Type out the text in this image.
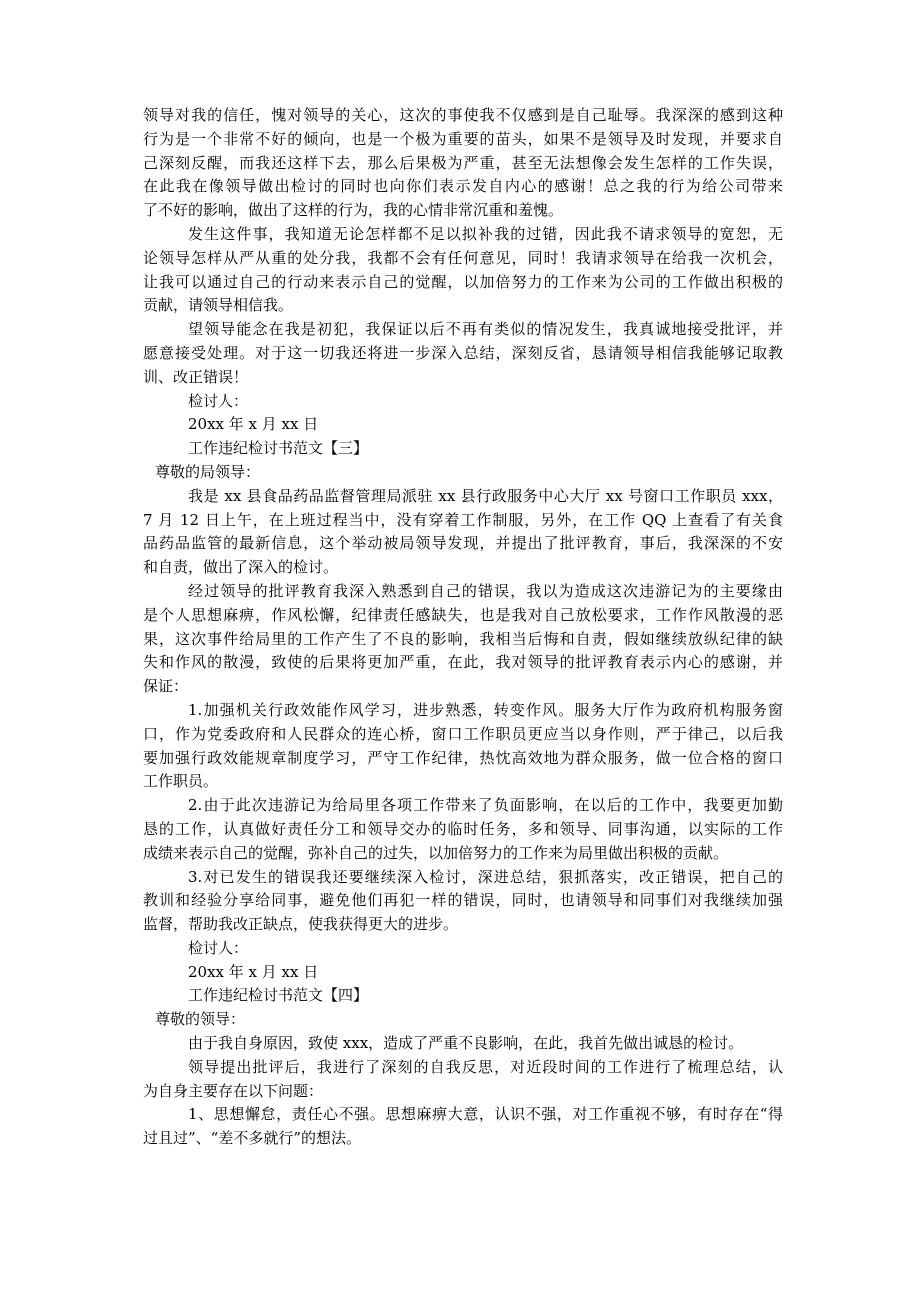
领导对我的信任，愧对领导的关心，这次的事使我不仅感到是自己耻辱。我深深的感到这种
行为是一个非常不好的倾向，也是一个极为重要的苗头，如果不是领导及时发现，并要求自
己深刻反醒，而我还这样下去，那么后果极为严重，甚至无法想像会发生怎样的工作失误，
在此我在像领导做出检讨的同时也向你们表示发自内心的感谢！总之我的行为给公司带来
了不好的影响，做出了这样的行为，我的心情非常沉重和羞愧。
发生这件事，我知道无论怎样都不足以拟补我的过错，因此我不请求领导的宽恕，无
论领导怎样从严从重的处分我，我都不会有任何意见，同时！我请求领导在给我一次机会，
让我可以通过自己的行动来表示自己的觉醒，以加倍努力的工作来为公司的工作做出积极的
贡献，请领导相信我。
望领导能念在我是初犯，我保证以后不再有类似的情况发生，我真诚地接受批评，并
愿意接受处理。对于这一切我还将进一步深入总结，深刻反省，恳请领导相信我能够记取教
训、改正错误！
检讨人：
20xx 年 x 月 xx 日
工作违纪检讨书范文【三】
尊敬的局领导：
我是 xx 县食品药品监督管理局派驻 xx 县行政服务中心大厅 xx 号窗口工作职员 xxx，
7 月 12 日上午，在上班过程当中，没有穿着工作制服，另外，在工作 QQ 上查看了有关食
品药品监管的最新信息，这个举动被局领导发现，并提出了批评教育，事后，我深深的不安
和自责，做出了深入的检讨。
经过领导的批评教育我深入熟悉到自己的错误，我以为造成这次违游记为的主要缘由
是个人思想麻痹，作风松懈，纪律责任感缺失，也是我对自己放松要求，工作作风散漫的恶
果，这次事件给局里的工作产生了不良的影响，我相当后悔和自责，假如继续放纵纪律的缺
失和作风的散漫，致使的后果将更加严重，在此，我对领导的批评教育表示内心的感谢，并
保证：
1.加强机关行政效能作风学习，进步熟悉，转变作风。服务大厅作为政府机构服务窗
口，作为党委政府和人民群众的连心桥，窗口工作职员更应当以身作则，严于律己，以后我
要加强行政效能规章制度学习，严守工作纪律，热忱高效地为群众服务，做一位合格的窗口
工作职员。
2.由于此次违游记为给局里各项工作带来了负面影响，在以后的工作中，我要更加勤
恳的工作，认真做好责任分工和领导交办的临时任务，多和领导、同事沟通，以实际的工作
成绩来表示自己的觉醒，弥补自己的过失，以加倍努力的工作来为局里做出积极的贡献。
3.对已发生的错误我还要继续深入检讨，深进总结，狠抓落实，改正错误，把自己的
教训和经验分享给同事，避免他们再犯一样的错误，同时，也请领导和同事们对我继续加强
监督，帮助我改正缺点，使我获得更大的进步。
检讨人：
20xx 年 x 月 xx 日
工作违纪检讨书范文【四】
尊敬的领导：
由于我自身原因，致使 xxx，造成了严重不良影响，在此，我首先做出诚恳的检讨。
领导提出批评后，我进行了深刻的自我反思，对近段时间的工作进行了梳理总结，认
为自身主要存在以下问题：
1、思想懈怠，责任心不强。思想麻痹大意，认识不强，对工作重视不够，有时存在“得
过且过”、“差不多就行”的想法。
